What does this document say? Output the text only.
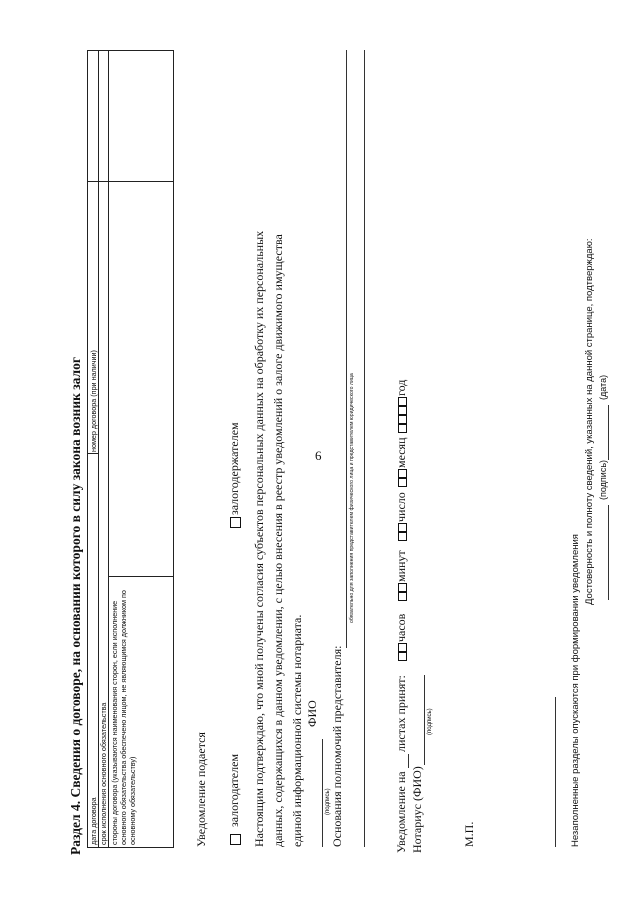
6
Раздел 4. Сведения о договоре, на основании которого в силу закона возник залог дата договора
номер договора (при наличии)
срок исполнения основного обязательства стороны договора (указываются наименования сторон, если исполнение основного обязательства обеспечено лицом, не являющимся должником по основному обязательству)	Уведомление подается залогодателем
залогодержателем Настоящим подтверждаю, что мной получены согласия субъектов персональных данных на обработку их персональных данных, содержащихся в данном уведомлении, с целью внесения в реестр уведомлений о залоге движимого имущества единой информационной системы нотариата. ФИО
(подпись) Основания полномочий представителя:
обязательно для заполнения представителем физического лица и представителем юридического лица
Уведомление на
листах принят:
часов
минут
число
месяц
год
Нотариус (ФИО)
(подпись)
М.П.	Незаполненные разделы опускаются при формировании уведомления
Достоверность и полноту сведений, указанных на данной странице, подтверждаю: (подпись)
(дата)
